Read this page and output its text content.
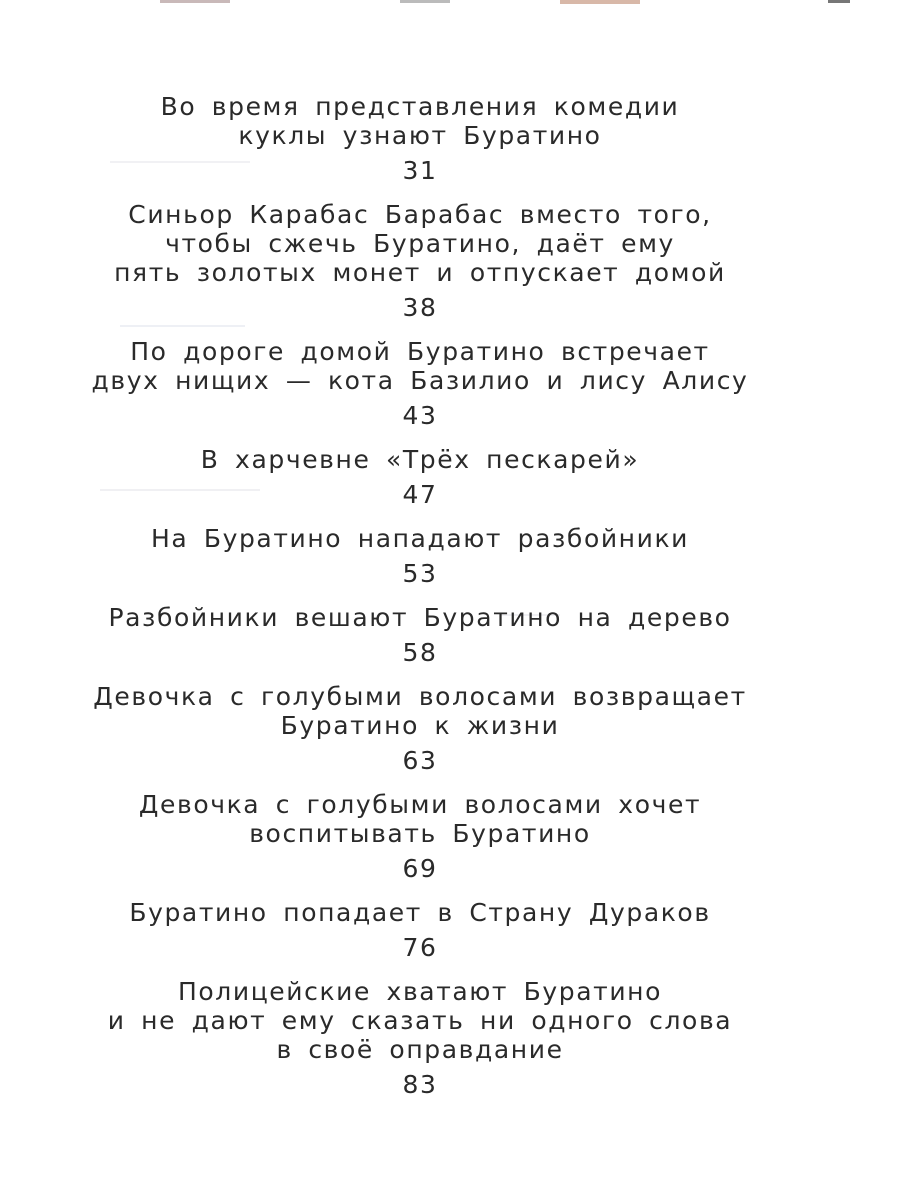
Во время представления комедии
куклы узнают Буратино
31
Синьор Карабас Барабас вместо того,
чтобы сжечь Буратино, даёт ему
пять золотых монет и отпускает домой
38
По дороге домой Буратино встречает
двух нищих — кота Базилио и лису Алису
43
В харчевне «Трёх пескарей»
47
На Буратино нападают разбойники
53
Разбойники вешают Буратино на дерево
58
Девочка с голубыми волосами возвращает
Буратино к жизни
63
Девочка с голубыми волосами хочет
воспитывать Буратино
69
Буратино попадает в Страну Дураков
76
Полицейские хватают Буратино
и не дают ему сказать ни одного слова
в своё оправдание
83
